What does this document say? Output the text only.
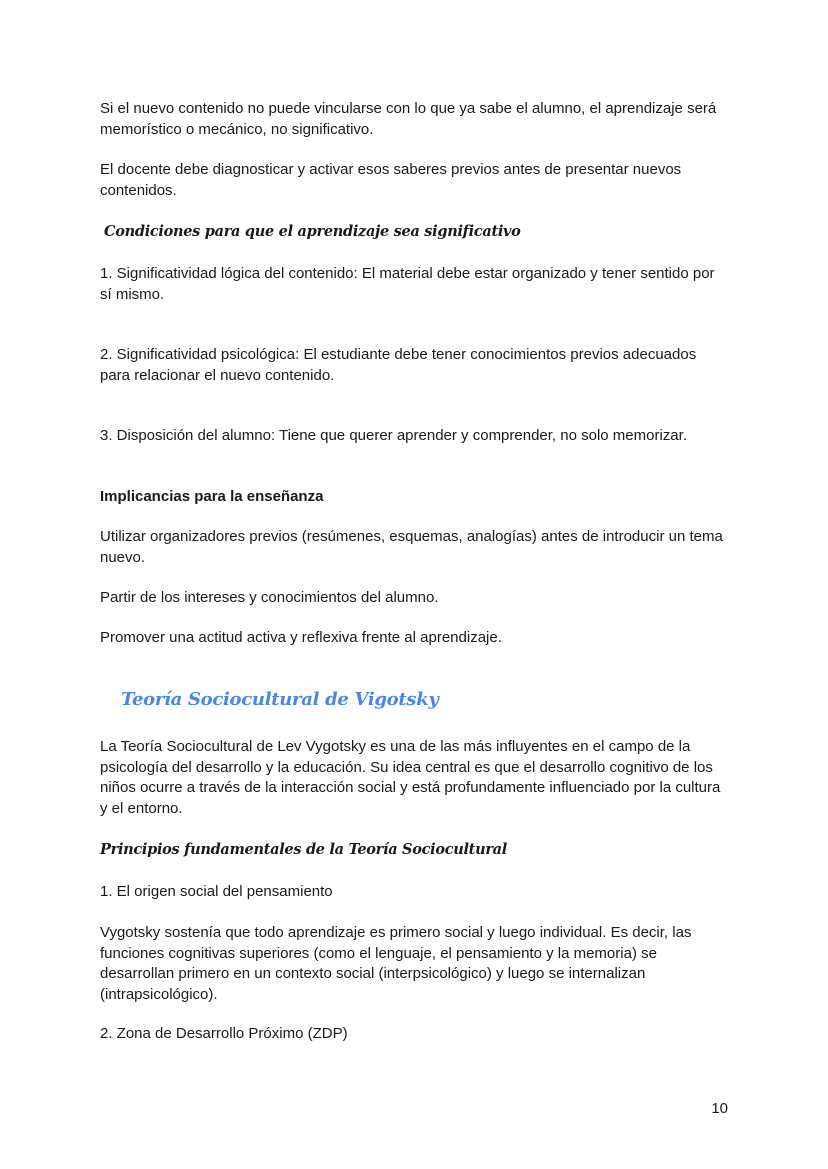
Si el nuevo contenido no puede vincularse con lo que ya sabe el alumno, el aprendizaje será memorístico o mecánico, no significativo.

El docente debe diagnosticar y activar esos saberes previos antes de presentar nuevos contenidos.

Condiciones para que el aprendizaje sea significativo

1. Significatividad lógica del contenido: El material debe estar organizado y tener sentido por sí mismo.

2. Significatividad psicológica: El estudiante debe tener conocimientos previos adecuados para relacionar el nuevo contenido.

3. Disposición del alumno: Tiene que querer aprender y comprender, no solo memorizar.

Implicancias para la enseñanza

Utilizar organizadores previos (resúmenes, esquemas, analogías) antes de introducir un tema nuevo.

Partir de los intereses y conocimientos del alumno.

Promover una actitud activa y reflexiva frente al aprendizaje.

Teoría Sociocultural de Vigotsky

La Teoría Sociocultural de Lev Vygotsky es una de las más influyentes en el campo de la psicología del desarrollo y la educación. Su idea central es que el desarrollo cognitivo de los niños ocurre a través de la interacción social y está profundamente influenciado por la cultura y el entorno.

Principios fundamentales de la Teoría Sociocultural

1. El origen social del pensamiento

Vygotsky sostenía que todo aprendizaje es primero social y luego individual. Es decir, las funciones cognitivas superiores (como el lenguaje, el pensamiento y la memoria) se desarrollan primero en un contexto social (interpsicológico) y luego se internalizan (intrapsicológico).

2. Zona de Desarrollo Próximo (ZDP)

10
